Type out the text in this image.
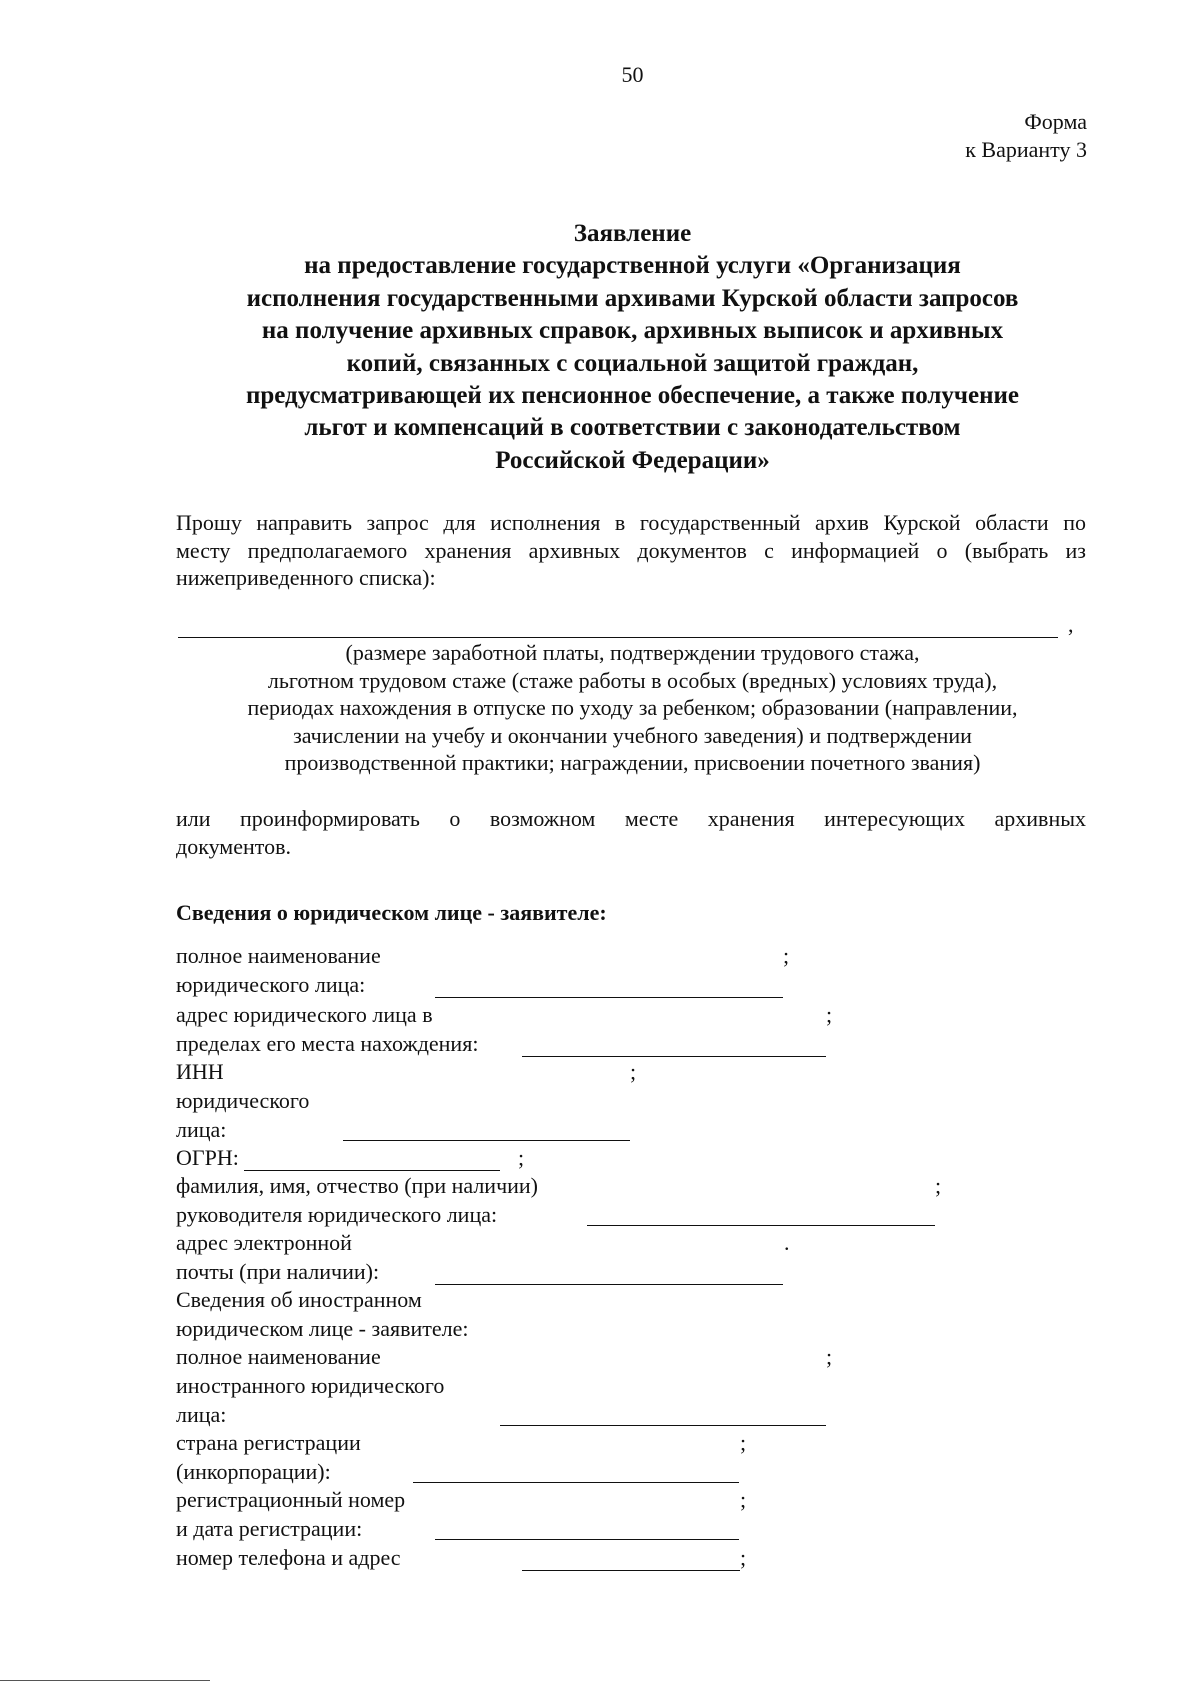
50
Форма
к Варианту 3
Заявление
на предоставление государственной услуги «Организация
исполнения государственными архивами Курской области запросов
на получение архивных справок, архивных выписок и архивных
копий, связанных с социальной защитой граждан,
предусматривающей их пенсионное обеспечение, а также получение
льгот и компенсаций в соответствии с законодательством
Российской Федерации»
Прошу направить запрос для исполнения в государственный архив Курской области по
месту предполагаемого хранения архивных документов с информацией о (выбрать из
нижеприведенного списка):
,
(размере заработной платы, подтверждении трудового стажа,
льготном трудовом стаже (стаже работы в особых (вредных) условиях труда),
периодах нахождения в отпуске по уходу за ребенком; образовании (направлении,
зачислении на учебу и окончании учебного заведения) и подтверждении
производственной практики; награждении, присвоении почетного звания)
или проинформировать о возможном месте хранения интересующих архивных
документов.
Сведения о юридическом лице - заявителе:
полное наименование	;
юридического лица:
адрес юридического лица в	;
пределах его места нахождения:
ИНН	;
юридического
лица:
ОГРН:	;
фамилия, имя, отчество (при наличии)	;
руководителя юридического лица:
адрес электронной	.
почты (при наличии):
Сведения об иностранном
юридическом лице - заявителе:
полное наименование	;
иностранного юридического
лица:
страна регистрации	;
(инкорпорации):
регистрационный номер	;
и дата регистрации:
номер телефона и адрес	;
